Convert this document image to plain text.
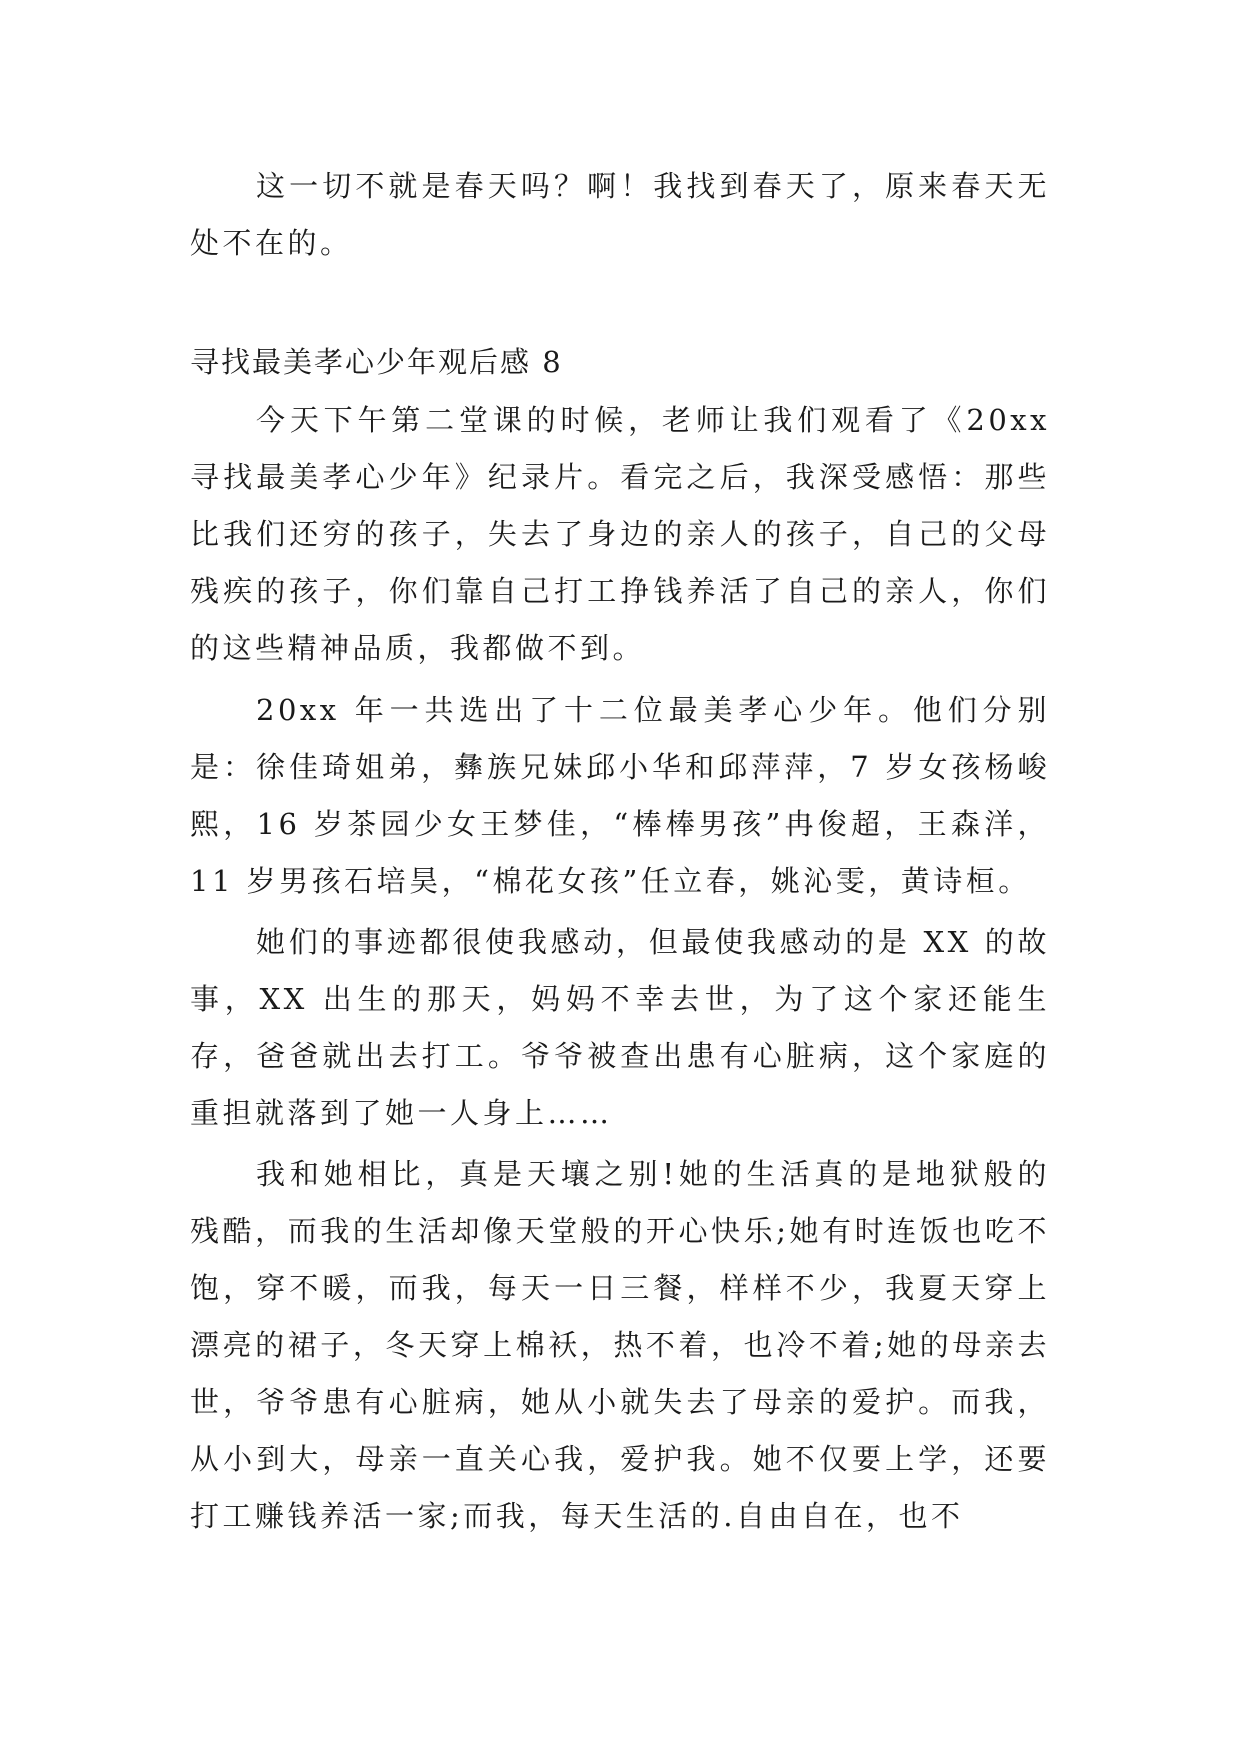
这一切不就是春天吗？啊！我找到春天了，原来春天无处不在的。

寻找最美孝心少年观后感 8

今天下午第二堂课的时候，老师让我们观看了《20xx 寻找最美孝心少年》纪录片。看完之后，我深受感悟：那些比我们还穷的孩子，失去了身边的亲人的孩子，自己的父母残疾的孩子，你们靠自己打工挣钱养活了自己的亲人，你们的这些精神品质，我都做不到。

20xx 年一共选出了十二位最美孝心少年。他们分别是：徐佳琦姐弟，彝族兄妹邱小华和邱萍萍，7 岁女孩杨峻熙，16 岁茶园少女王梦佳，“棒棒男孩”冉俊超，王森洋，11 岁男孩石培昊，“棉花女孩”任立春，姚沁雯，黄诗桓。

她们的事迹都很使我感动，但最使我感动的是 XX 的故事，XX 出生的那天，妈妈不幸去世，为了这个家还能生存，爸爸就出去打工。爷爷被查出患有心脏病，这个家庭的重担就落到了她一人身上……

我和她相比，真是天壤之别!她的生活真的是地狱般的残酷，而我的生活却像天堂般的开心快乐;她有时连饭也吃不饱，穿不暖，而我，每天一日三餐，样样不少，我夏天穿上漂亮的裙子，冬天穿上棉袄，热不着，也冷不着;她的母亲去世，爷爷患有心脏病，她从小就失去了母亲的爱护。而我，从小到大，母亲一直关心我，爱护我。她不仅要上学，还要打工赚钱养活一家;而我，每天生活的.自由自在，也不
